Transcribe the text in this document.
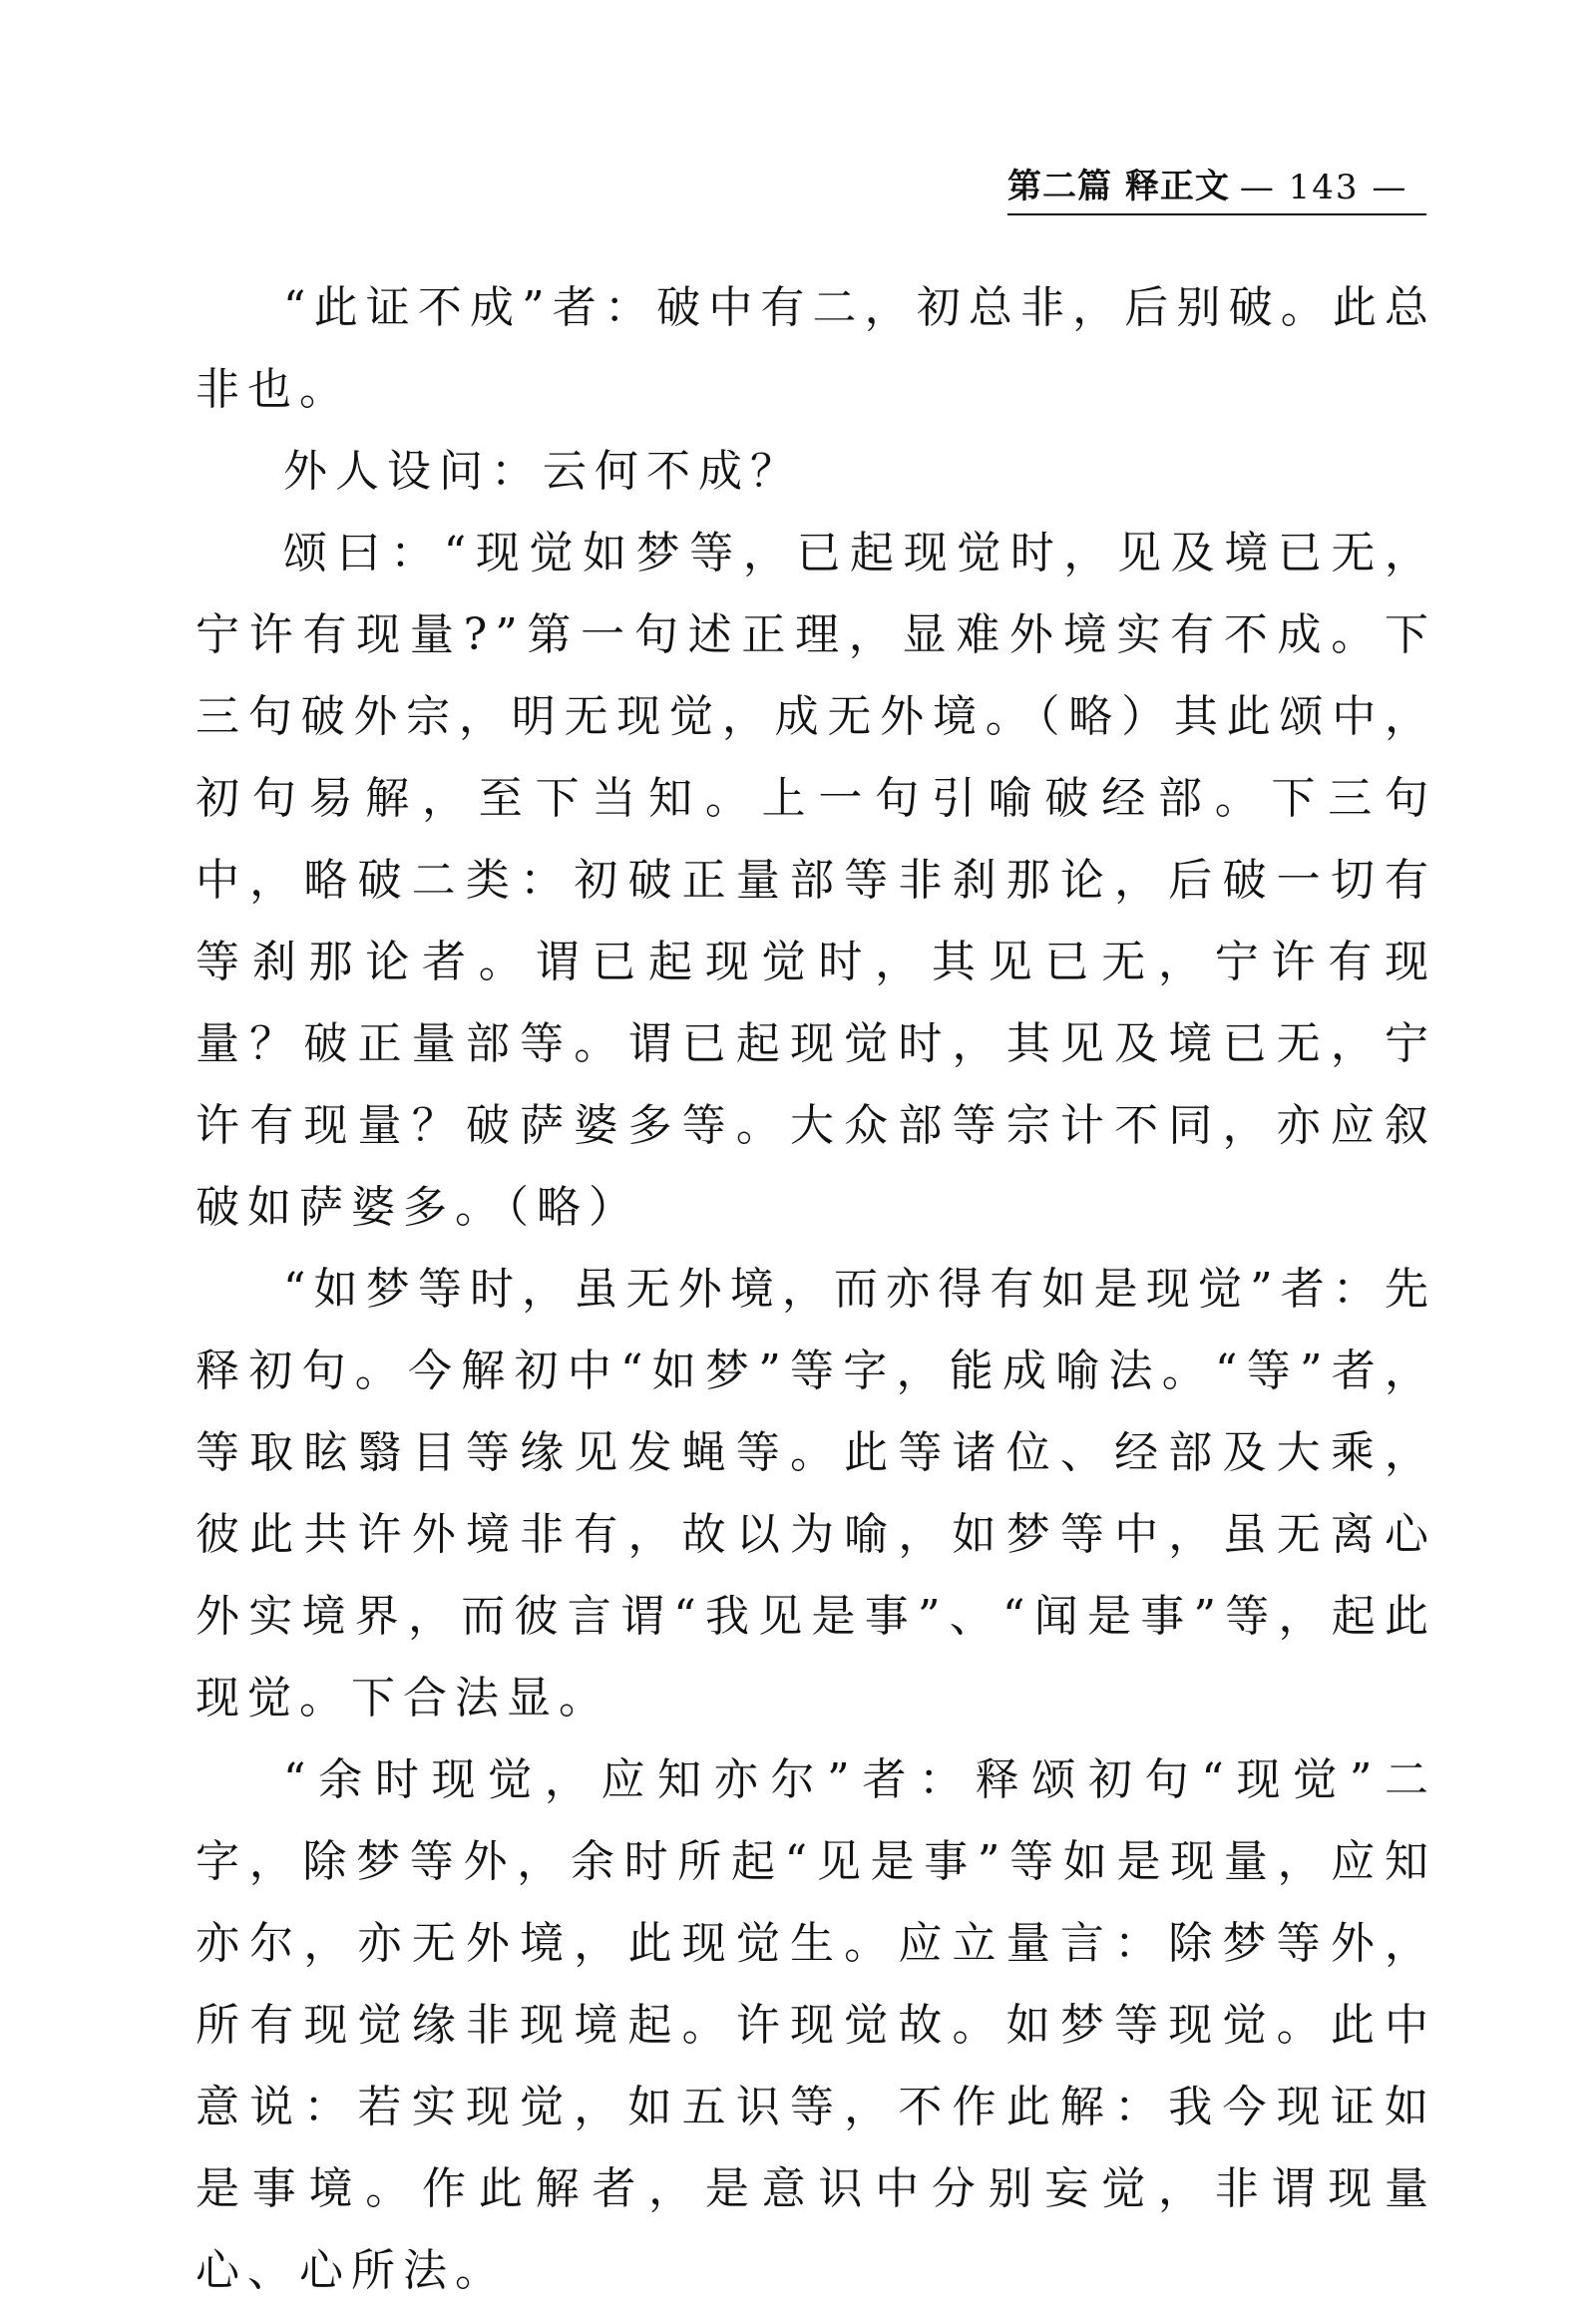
第二篇 释正文 — 143 —

“此证不成”者：破中有二，初总非，后别破。此总非也。

外人设问：云何不成？

颂曰：“现觉如梦等，已起现觉时，见及境已无，宁许有现量?”第一句述正理，显难外境实有不成。下三句破外宗，明无现觉，成无外境。（略）其此颂中，初句易解，至下当知。上一句引喻破经部。下三句中，略破二类：初破正量部等非刹那论，后破一切有等刹那论者。谓已起现觉时，其见已无，宁许有现量？破正量部等。谓已起现觉时，其见及境已无，宁许有现量？破萨婆多等。大众部等宗计不同，亦应叙破如萨婆多。（略）

“如梦等时，虽无外境，而亦得有如是现觉”者：先释初句。今解初中“如梦”等字，能成喻法。“等”者，等取眩翳目等缘见发蝇等。此等诸位、经部及大乘，彼此共许外境非有，故以为喻，如梦等中，虽无离心外实境界，而彼言谓“我见是事”、“闻是事”等，起此现觉。下合法显。

“余时现觉，应知亦尔”者：释颂初句“现觉”二字，除梦等外，余时所起“见是事”等如是现量，应知亦尔，亦无外境，此现觉生。应立量言：除梦等外，所有现觉缘非现境起。许现觉故。如梦等现觉。此中意说：若实现觉，如五识等，不作此解：我今现证如是事境。作此解者，是意识中分别妄觉，非谓现量心、心所法。
